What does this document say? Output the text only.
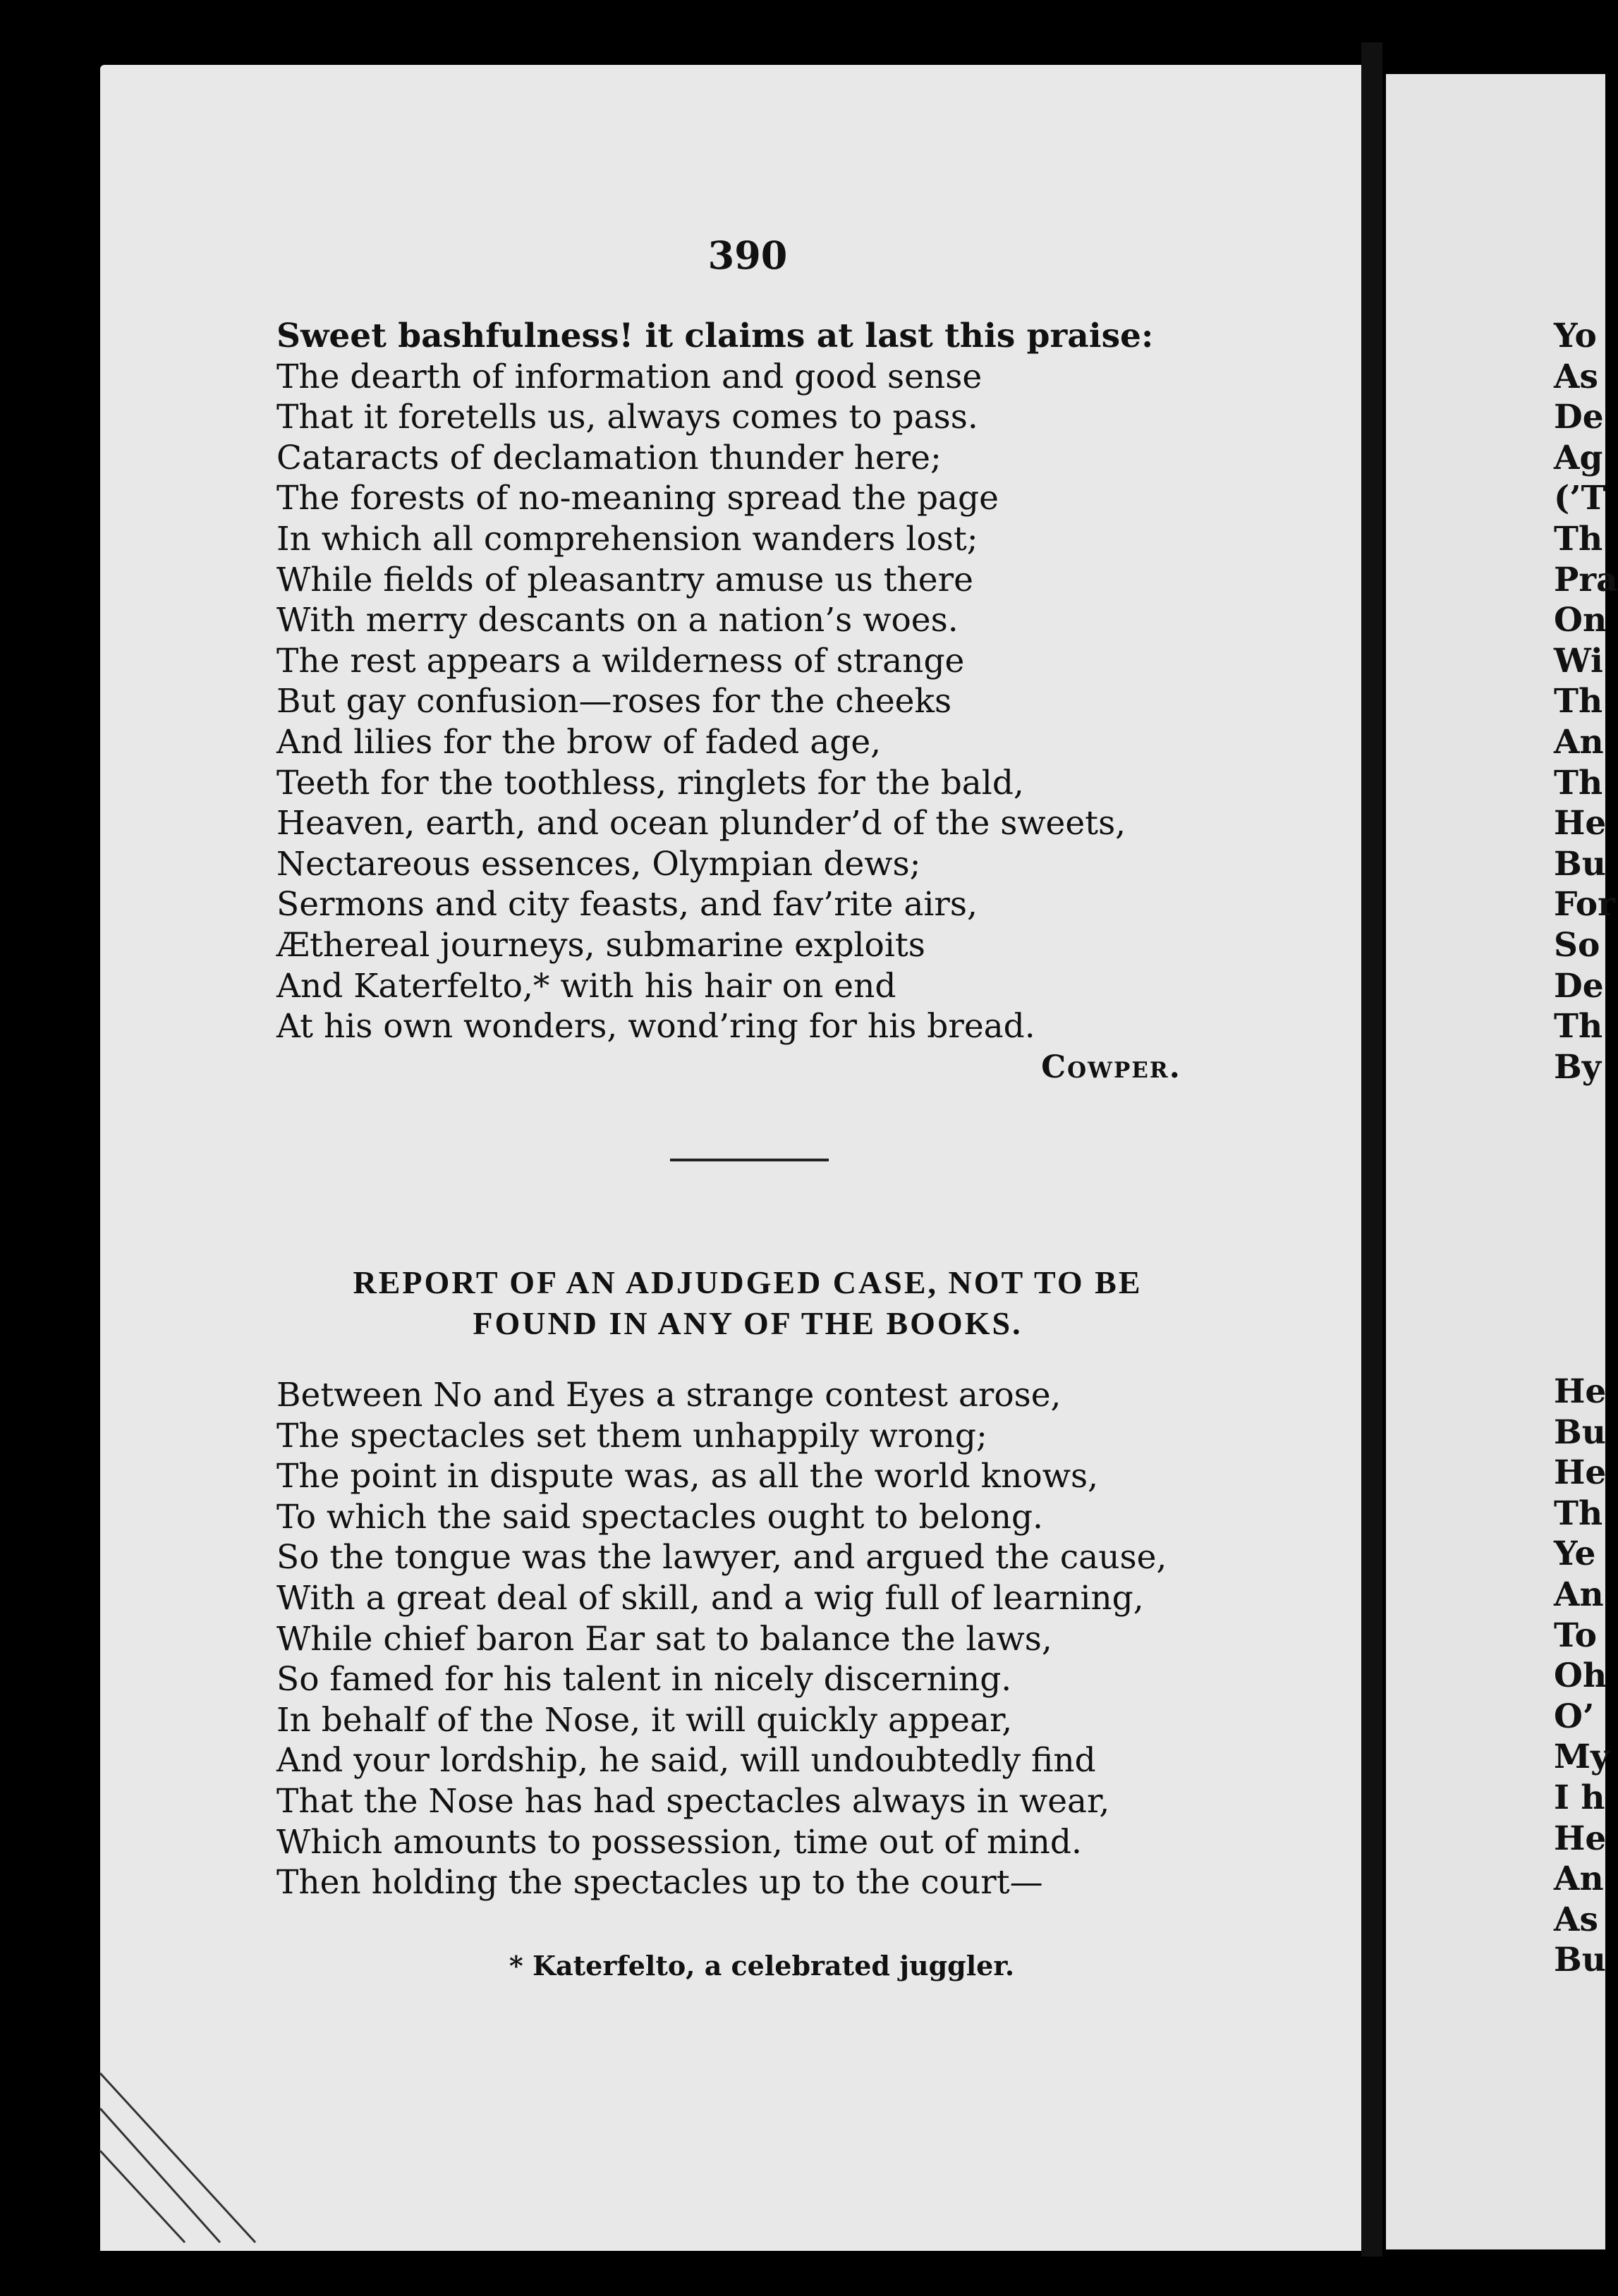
390
Sweet bashfulness! it claims at last this praise:
The dearth of information and good sense
That it foretells us, always comes to pass.
Cataracts of declamation thunder here;
The forests of no-meaning spread the page
In which all comprehension wanders lost;
While fields of pleasantry amuse us there
With merry descants on a nation’s woes.
The rest appears a wilderness of strange
But gay confusion—roses for the cheeks
And lilies for the brow of faded age,
Teeth for the toothless, ringlets for the bald,
Heaven, earth, and ocean plunder’d of the sweets,
Nectareous essences, Olympian dews;
Sermons and city feasts, and fav’rite airs,
Æthereal journeys, submarine exploits
And Katerfelto,* with his hair on end
At his own wonders, wond’ring for his bread.
Cowper.
REPORT OF AN ADJUDGED CASE, NOT TO BE
FOUND IN ANY OF THE BOOKS.
Between No and Eyes a strange contest arose,
The spectacles set them unhappily wrong;
The point in dispute was, as all the world knows,
To which the said spectacles ought to belong.
So the tongue was the lawyer, and argued the cause,
With a great deal of skill, and a wig full of learning,
While chief baron Ear sat to balance the laws,
So famed for his talent in nicely discerning.
In behalf of the Nose, it will quickly appear,
And your lordship, he said, will undoubtedly find
That the Nose has had spectacles always in wear,
Which amounts to possession, time out of mind.
Then holding the spectacles up to the court—
* Katerfelto, a celebrated juggler.
Yo
As
De
Ag
(’T
Th
Pra
On
Wi
Th
An
Th
He
Bu
For
So
De
Th
By
He
Bu
He
Th
Ye
An
To
Oh
O’
My
I h
He
An
As
Bu
